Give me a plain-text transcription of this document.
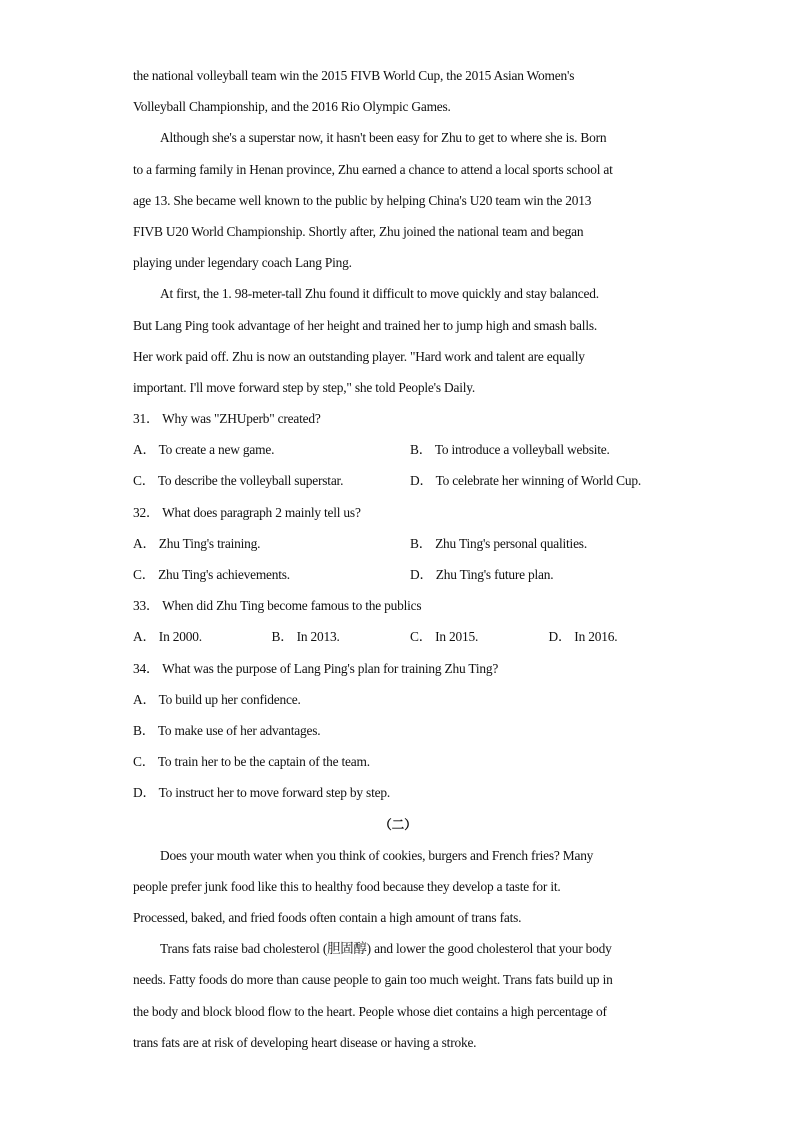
the national volleyball team win the 2015 FIVB World Cup, the 2015 Asian Women's
Volleyball Championship, and the 2016 Rio Olympic Games.
Although she's a superstar now, it hasn't been easy for Zhu to get to where she is. Born
to a farming family in Henan province, Zhu earned a chance to attend a local sports school at
age 13. She became well known to the public by helping China's U20 team win the 2013
FIVB U20 World Championship. Shortly after, Zhu joined the national team and began
playing under legendary coach Lang Ping.
At first, the 1. 98-meter-tall Zhu found it difficult to move quickly and stay balanced.
But Lang Ping took advantage of her height and trained her to jump high and smash balls.
Her work paid off. Zhu is now an outstanding player. "Hard work and talent are equally
important. I'll move forward step by step," she told People's Daily.
31． Why was "ZHUperb" created?
A． To create a new game.	B． To introduce a volleyball website.
C． To describe the volleyball superstar.	D． To celebrate her winning of World Cup.
32． What does paragraph 2 mainly tell us?
A． Zhu Ting's training.	B． Zhu Ting's personal qualities.
C． Zhu Ting's achievements.	D． Zhu Ting's future plan.
33． When did Zhu Ting become famous to the publics
A． In 2000.	B． In 2013.	C． In 2015.	D． In 2016.
34． What was the purpose of Lang Ping's plan for training Zhu Ting?
A． To build up her confidence.
B． To make use of her advantages.
C． To train her to be the captain of the team.
D． To instruct her to move forward step by step.
（二）
Does your mouth water when you think of cookies, burgers and French fries? Many
people prefer junk food like this to healthy food because they develop a taste for it.
Processed, baked, and fried foods often contain a high amount of trans fats.
Trans fats raise bad cholesterol (胆固醇) and lower the good cholesterol that your body
needs. Fatty foods do more than cause people to gain too much weight. Trans fats build up in
the body and block blood flow to the heart. People whose diet contains a high percentage of
trans fats are at risk of developing heart disease or having a stroke.
